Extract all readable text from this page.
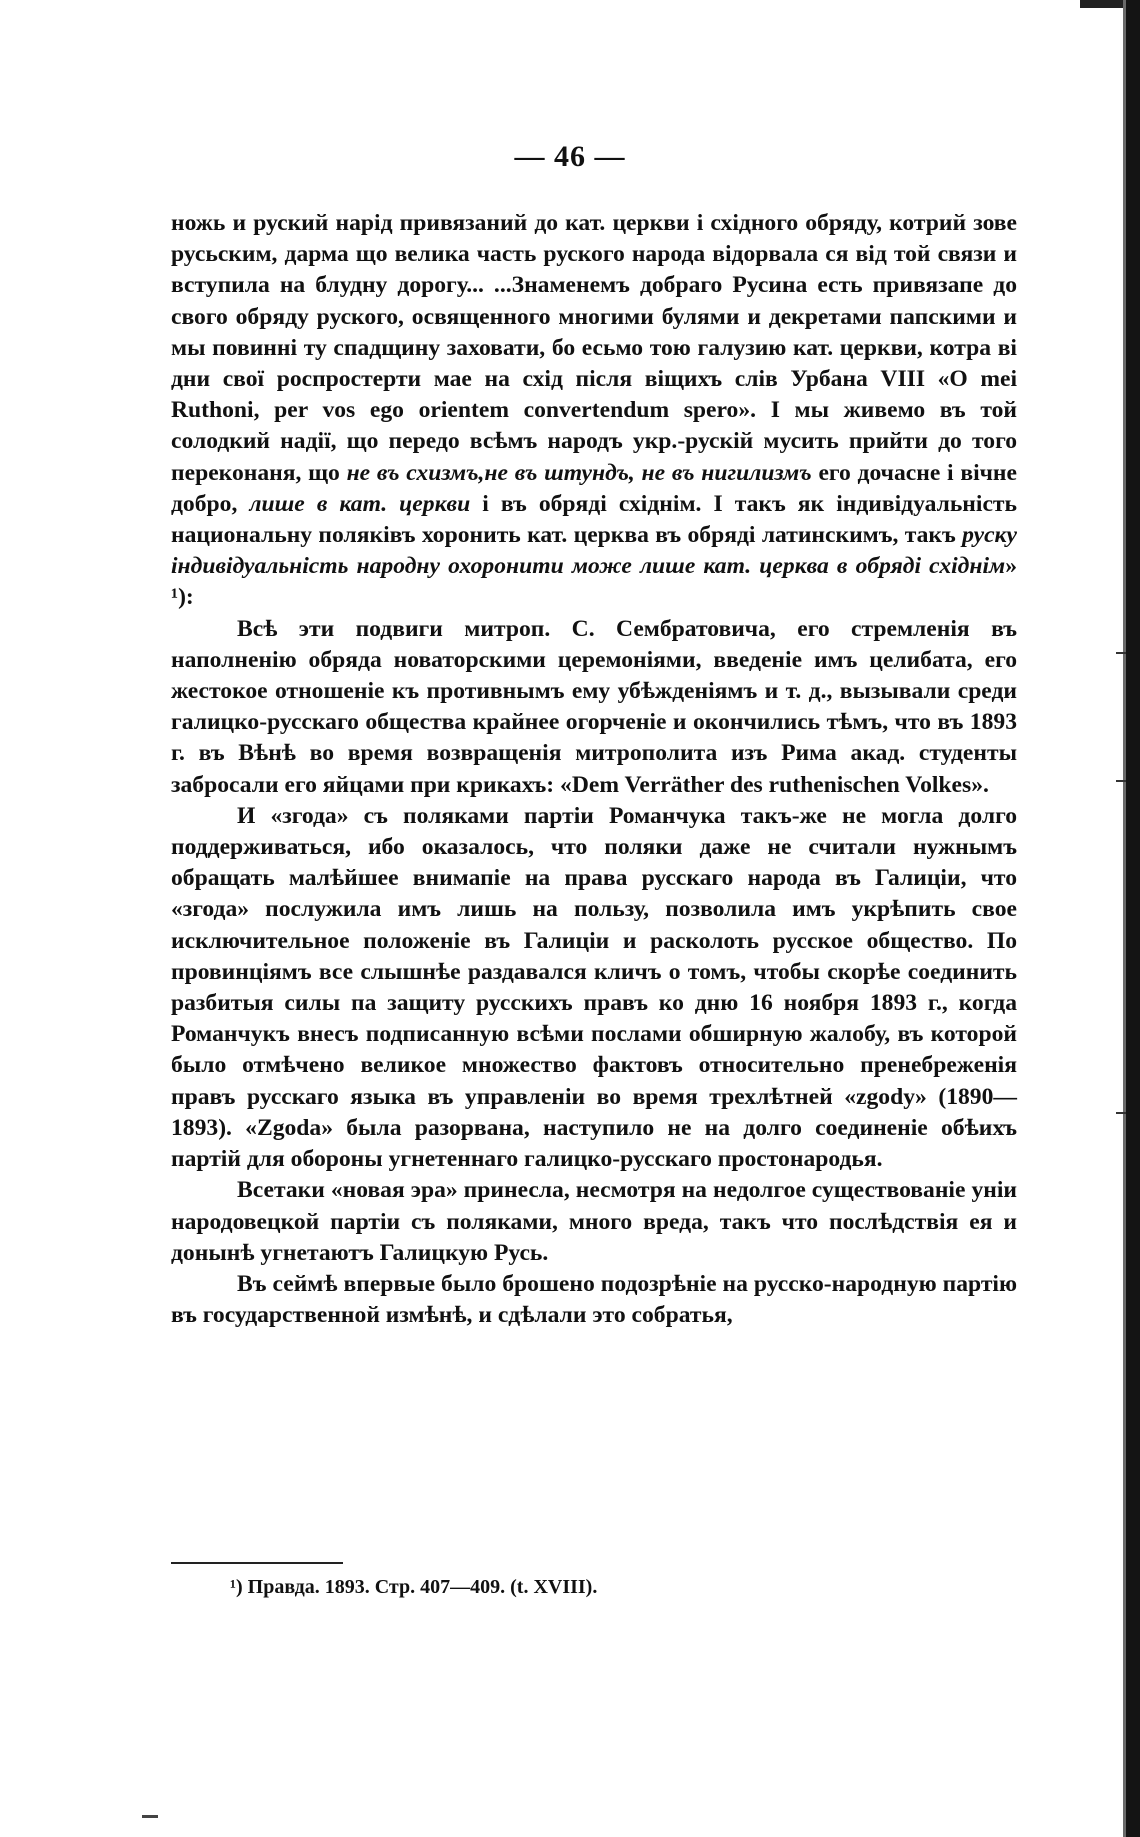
— 46 —

ножь и руский нарід привязаний до кат. церкви і східного обряду, котрий зове русьским, дарма що велика часть руского народа відорвала ся від той связи и вступила на блудну дорогу... ...Знаменемъ добраго Русина есть привязапе до свого обряду руского, освященного многими булями и декретами папскими и мы повинні ту спадщину заховати, бо есьмо тою галузию кат. церкви, котра ві дни свої роспростерти мае на схід після віщихъ слів Урбана VIII «О mei Ruthoni, per vos ego orientem convertendum spero». I мы живемо въ той солодкий надії, що передо всѣмъ народъ укр.-рускій мусить прийти до того переконаня, що не въ схизмъ,не въ штундъ, не въ нигилизмъ его дочасне і вічне добро, лише в кат. церкви і въ обряді східнім. I такъ як індивідуальність национальну поляківъ хоронить кат. церква въ обряді латинскимъ, такъ руску індивідуальність народну охоронити може лише кат. церква в обряді східнім» ¹):

Всѣ эти подвиги митроп. С. Сембратовича, его стремленія въ наполненію обряда новаторскими церемоніями, введеніе имъ целибата, его жестокое отношеніе къ противнымъ ему убѣжденіямъ и т. д., вызывали среди галицко-русскаго общества крайнее огорченіе и окончились тѣмъ, что въ 1893 г. въ Вѣнѣ во время возвращенія митрополита изъ Рима акад. студенты забросали его яйцами при крикахъ: «Dem Verräther des ruthenischen Volkes».

И «згода» съ поляками партіи Романчука такъ-же не могла долго поддерживаться, ибо оказалось, что поляки даже не считали нужнымъ обращать малѣйшее внимапіе на права русскаго народа въ Галиціи, что «згода» послужила имъ лишь на пользу, позволила имъ укрѣпить свое исключительное положеніе въ Галиціи и расколоть русское общество. По провинціямъ все слышнѣе раздавался кличъ о томъ, чтобы скорѣе соединить разбитыя силы па защиту русскихъ правъ ко дню 16 ноября 1893 г., когда Романчукъ внесъ подписанную всѣми послами обширную жалобу, въ которой было отмѣчено великое множество фактовъ относительно пренебреженія правъ русскаго языка въ управленіи во время трехлѣтней «zgody» (1890—1893). «Zgoda» была разорвана, наступило не на долго соединеніе обѣихъ партій для обороны угнетеннаго галицко-русскаго простонародья.

Всетаки «новая эра» принесла, несмотря на недолгое существованіе уніи народовецкой партіи съ поляками, много вреда, такъ что послѣдствія ея и донынѣ угнетаютъ Галицкую Русь.

Въ сеймѣ впервые было брошено подозрѣніе на русско-народную партію въ государственной измѣнѣ, и сдѣлали это собратья,

¹) Правда. 1893. Стр. 407—409. (t. XVIII).
